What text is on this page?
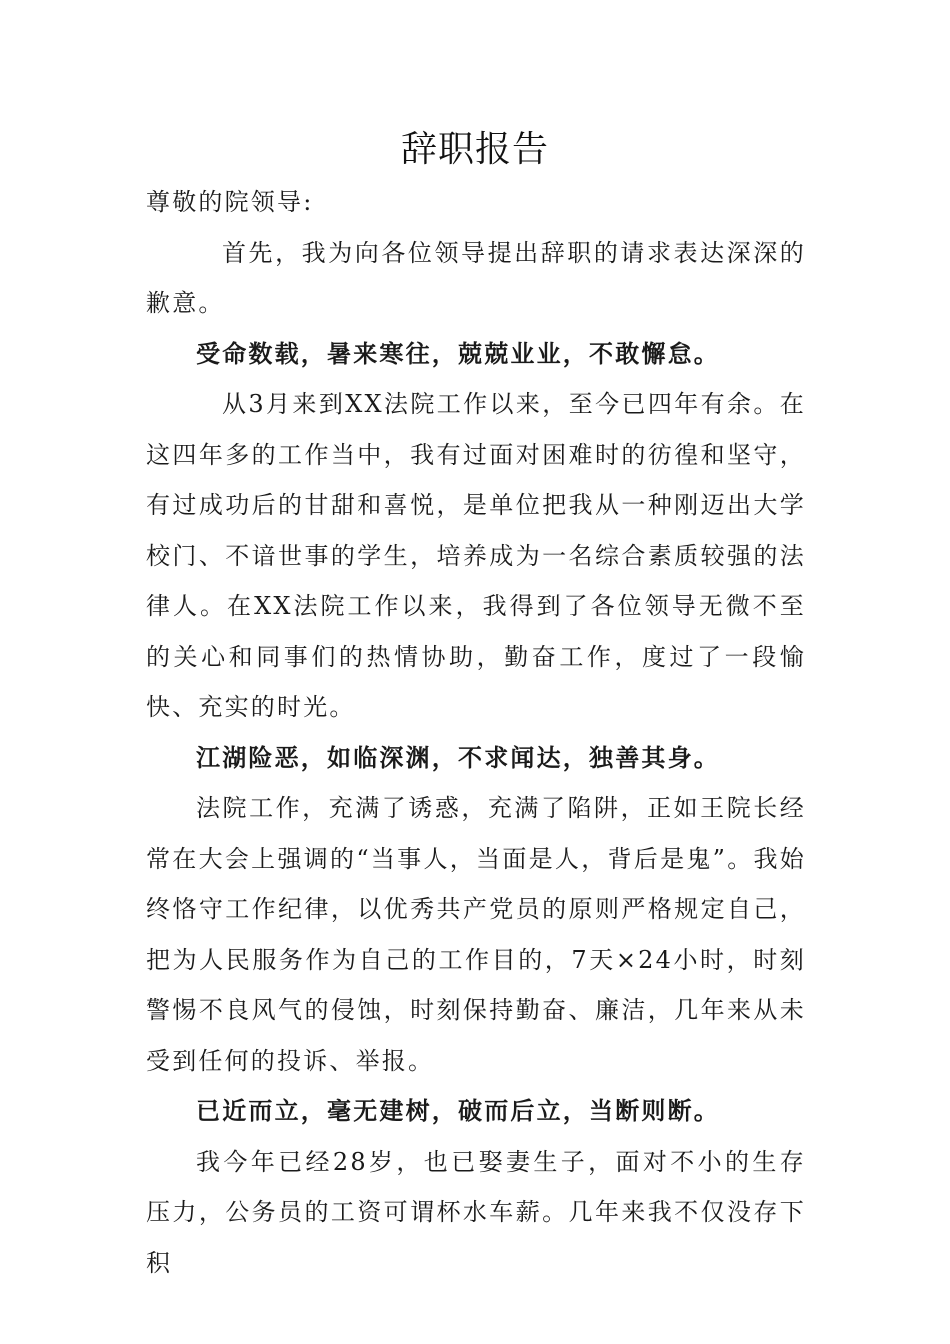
辞职报告

尊敬的院领导:

首先，我为向各位领导提出辞职的请求表达深深的歉意。

受命数载，暑来寒往，兢兢业业，不敢懈怠。

从3月来到XX法院工作以来，至今已四年有余。在这四年多的工作当中，我有过面对困难时的彷徨和坚守，有过成功后的甘甜和喜悦，是单位把我从一种刚迈出大学校门、不谙世事的学生，培养成为一名综合素质较强的法律人。在XX法院工作以来，我得到了各位领导无微不至的关心和同事们的热情协助，勤奋工作，度过了一段愉快、充实的时光。

江湖险恶，如临深渊，不求闻达，独善其身。

法院工作，充满了诱惑，充满了陷阱，正如王院长经常在大会上强调的“当事人，当面是人，背后是鬼”。我始终恪守工作纪律，以优秀共产党员的原则严格规定自己，把为人民服务作为自己的工作目的，7天×24小时，时刻警惕不良风气的侵蚀，时刻保持勤奋、廉洁，几年来从未受到任何的投诉、举报。

已近而立，毫无建树，破而后立，当断则断。

我今年已经28岁，也已娶妻生子，面对不小的生存压力，公务员的工资可谓杯水车薪。几年来我不仅没存下积
